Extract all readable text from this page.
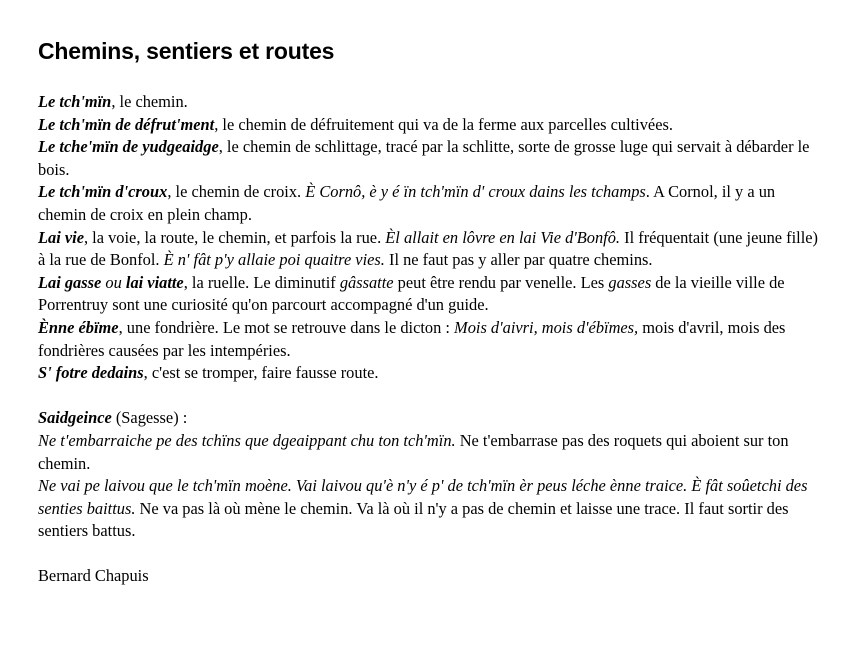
Chemins, sentiers et routes

Le tch'mïn, le chemin.

Le tch'mïn de défrut'ment, le chemin de défruitement qui va de la ferme aux parcelles cultivées.

Le tche'mïn de yudgeaidge, le chemin de schlittage, tracé par la schlitte, sorte de grosse luge qui servait à débarder le bois.

Le tch'mïn d'croux, le chemin de croix. È Cornô, è y é ïn tch'mïn d' croux dains les tchamps. A Cornol, il y a un chemin de croix en plein champ.

Lai vie, la voie, la route, le chemin, et parfois la rue. Èl allait en lôvre en lai Vie d'Bonfô. Il fréquentait (une jeune fille) à la rue de Bonfol. È n' fât p'y allaie poi quaitre vies. Il ne faut pas y aller par quatre chemins.

Lai gasse ou lai viatte, la ruelle. Le diminutif gâssatte peut être rendu par venelle. Les gasses de la vieille ville de Porrentruy sont une curiosité qu'on parcourt accompagné d'un guide.

Ènne ébïme, une fondrière. Le mot se retrouve dans le dicton : Mois d'aivri, mois d'ébïmes, mois d'avril, mois des fondrières causées par les intempéries.

S' fotre dedains, c'est se tromper, faire fausse route.

Saidgeince (Sagesse) :

Ne t'embarraiche pe des tchïns que dgeaippant chu ton tch'mïn. Ne t'embarrase pas des roquets qui aboient sur ton chemin.

Ne vai pe laivou que le tch'mïn moène. Vai laivou qu'è n'y é p' de tch'mïn èr peus léche ènne traice. È fât soûetchi des senties baittus. Ne va pas là où mène le chemin. Va là où il n'y a pas de chemin et laisse une trace. Il faut sortir des sentiers battus.

Bernard Chapuis
